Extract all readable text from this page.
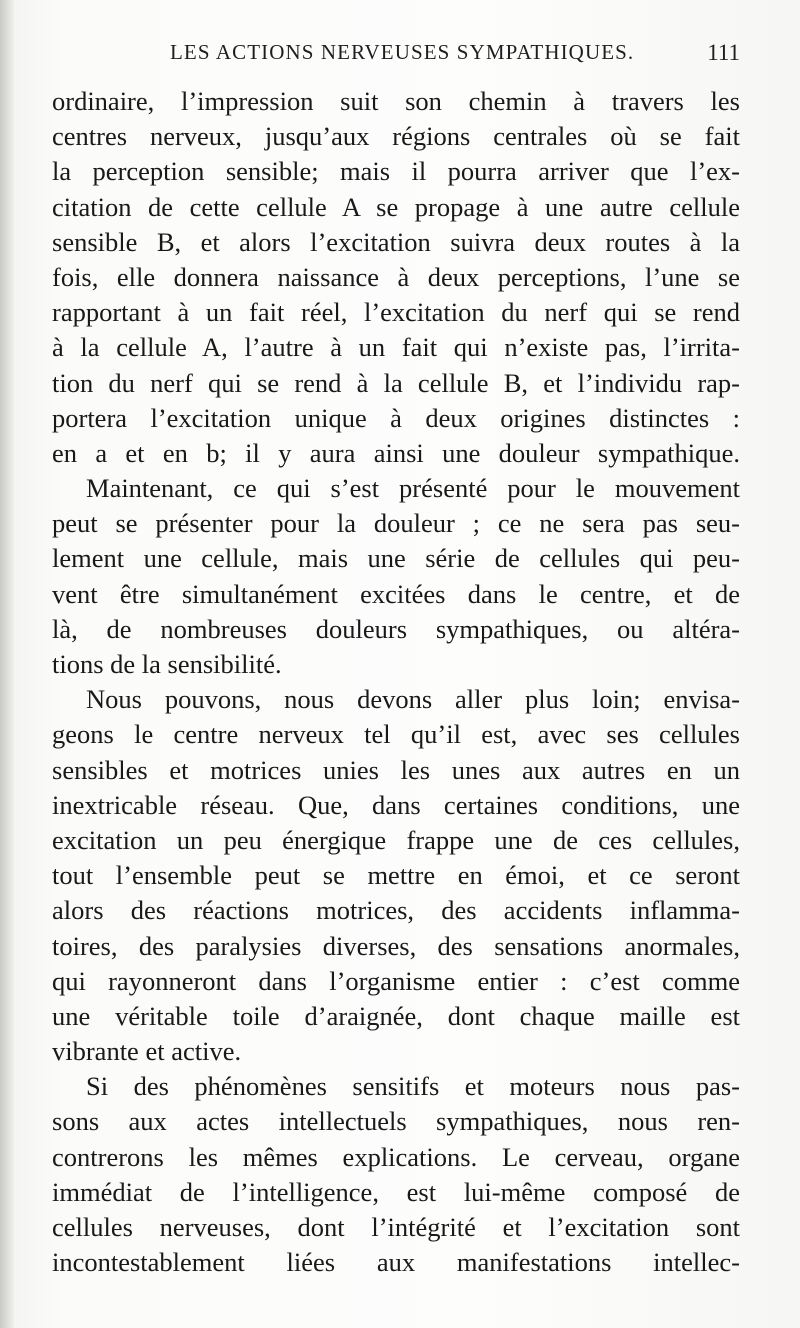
LES ACTIONS NERVEUSES SYMPATHIQUES.	111
ordinaire, l’impression suit son chemin à travers les
centres nerveux, jusqu’aux régions centrales où se fait
la perception sensible; mais il pourra arriver que l’ex-
citation de cette cellule A se propage à une autre cellule
sensible B, et alors l’excitation suivra deux routes à la
fois, elle donnera naissance à deux perceptions, l’une se
rapportant à un fait réel, l’excitation du nerf qui se rend
à la cellule A, l’autre à un fait qui n’existe pas, l’irrita-
tion du nerf qui se rend à la cellule B, et l’individu rap-
portera l’excitation unique à deux origines distinctes :
en a et en b; il y aura ainsi une douleur sympathique.
Maintenant, ce qui s’est présenté pour le mouvement
peut se présenter pour la douleur ; ce ne sera pas seu-
lement une cellule, mais une série de cellules qui peu-
vent être simultanément excitées dans le centre, et de
là, de nombreuses douleurs sympathiques, ou altéra-
tions de la sensibilité.
Nous pouvons, nous devons aller plus loin; envisa-
geons le centre nerveux tel qu’il est, avec ses cellules
sensibles et motrices unies les unes aux autres en un
inextricable réseau. Que, dans certaines conditions, une
excitation un peu énergique frappe une de ces cellules,
tout l’ensemble peut se mettre en émoi, et ce seront
alors des réactions motrices, des accidents inflamma-
toires, des paralysies diverses, des sensations anormales,
qui rayonneront dans l’organisme entier : c’est comme
une véritable toile d’araignée, dont chaque maille est
vibrante et active.
Si des phénomènes sensitifs et moteurs nous pas-
sons aux actes intellectuels sympathiques, nous ren-
contrerons les mêmes explications. Le cerveau, organe
immédiat de l’intelligence, est lui-même composé de
cellules nerveuses, dont l’intégrité et l’excitation sont
incontestablement liées aux manifestations intellec-
